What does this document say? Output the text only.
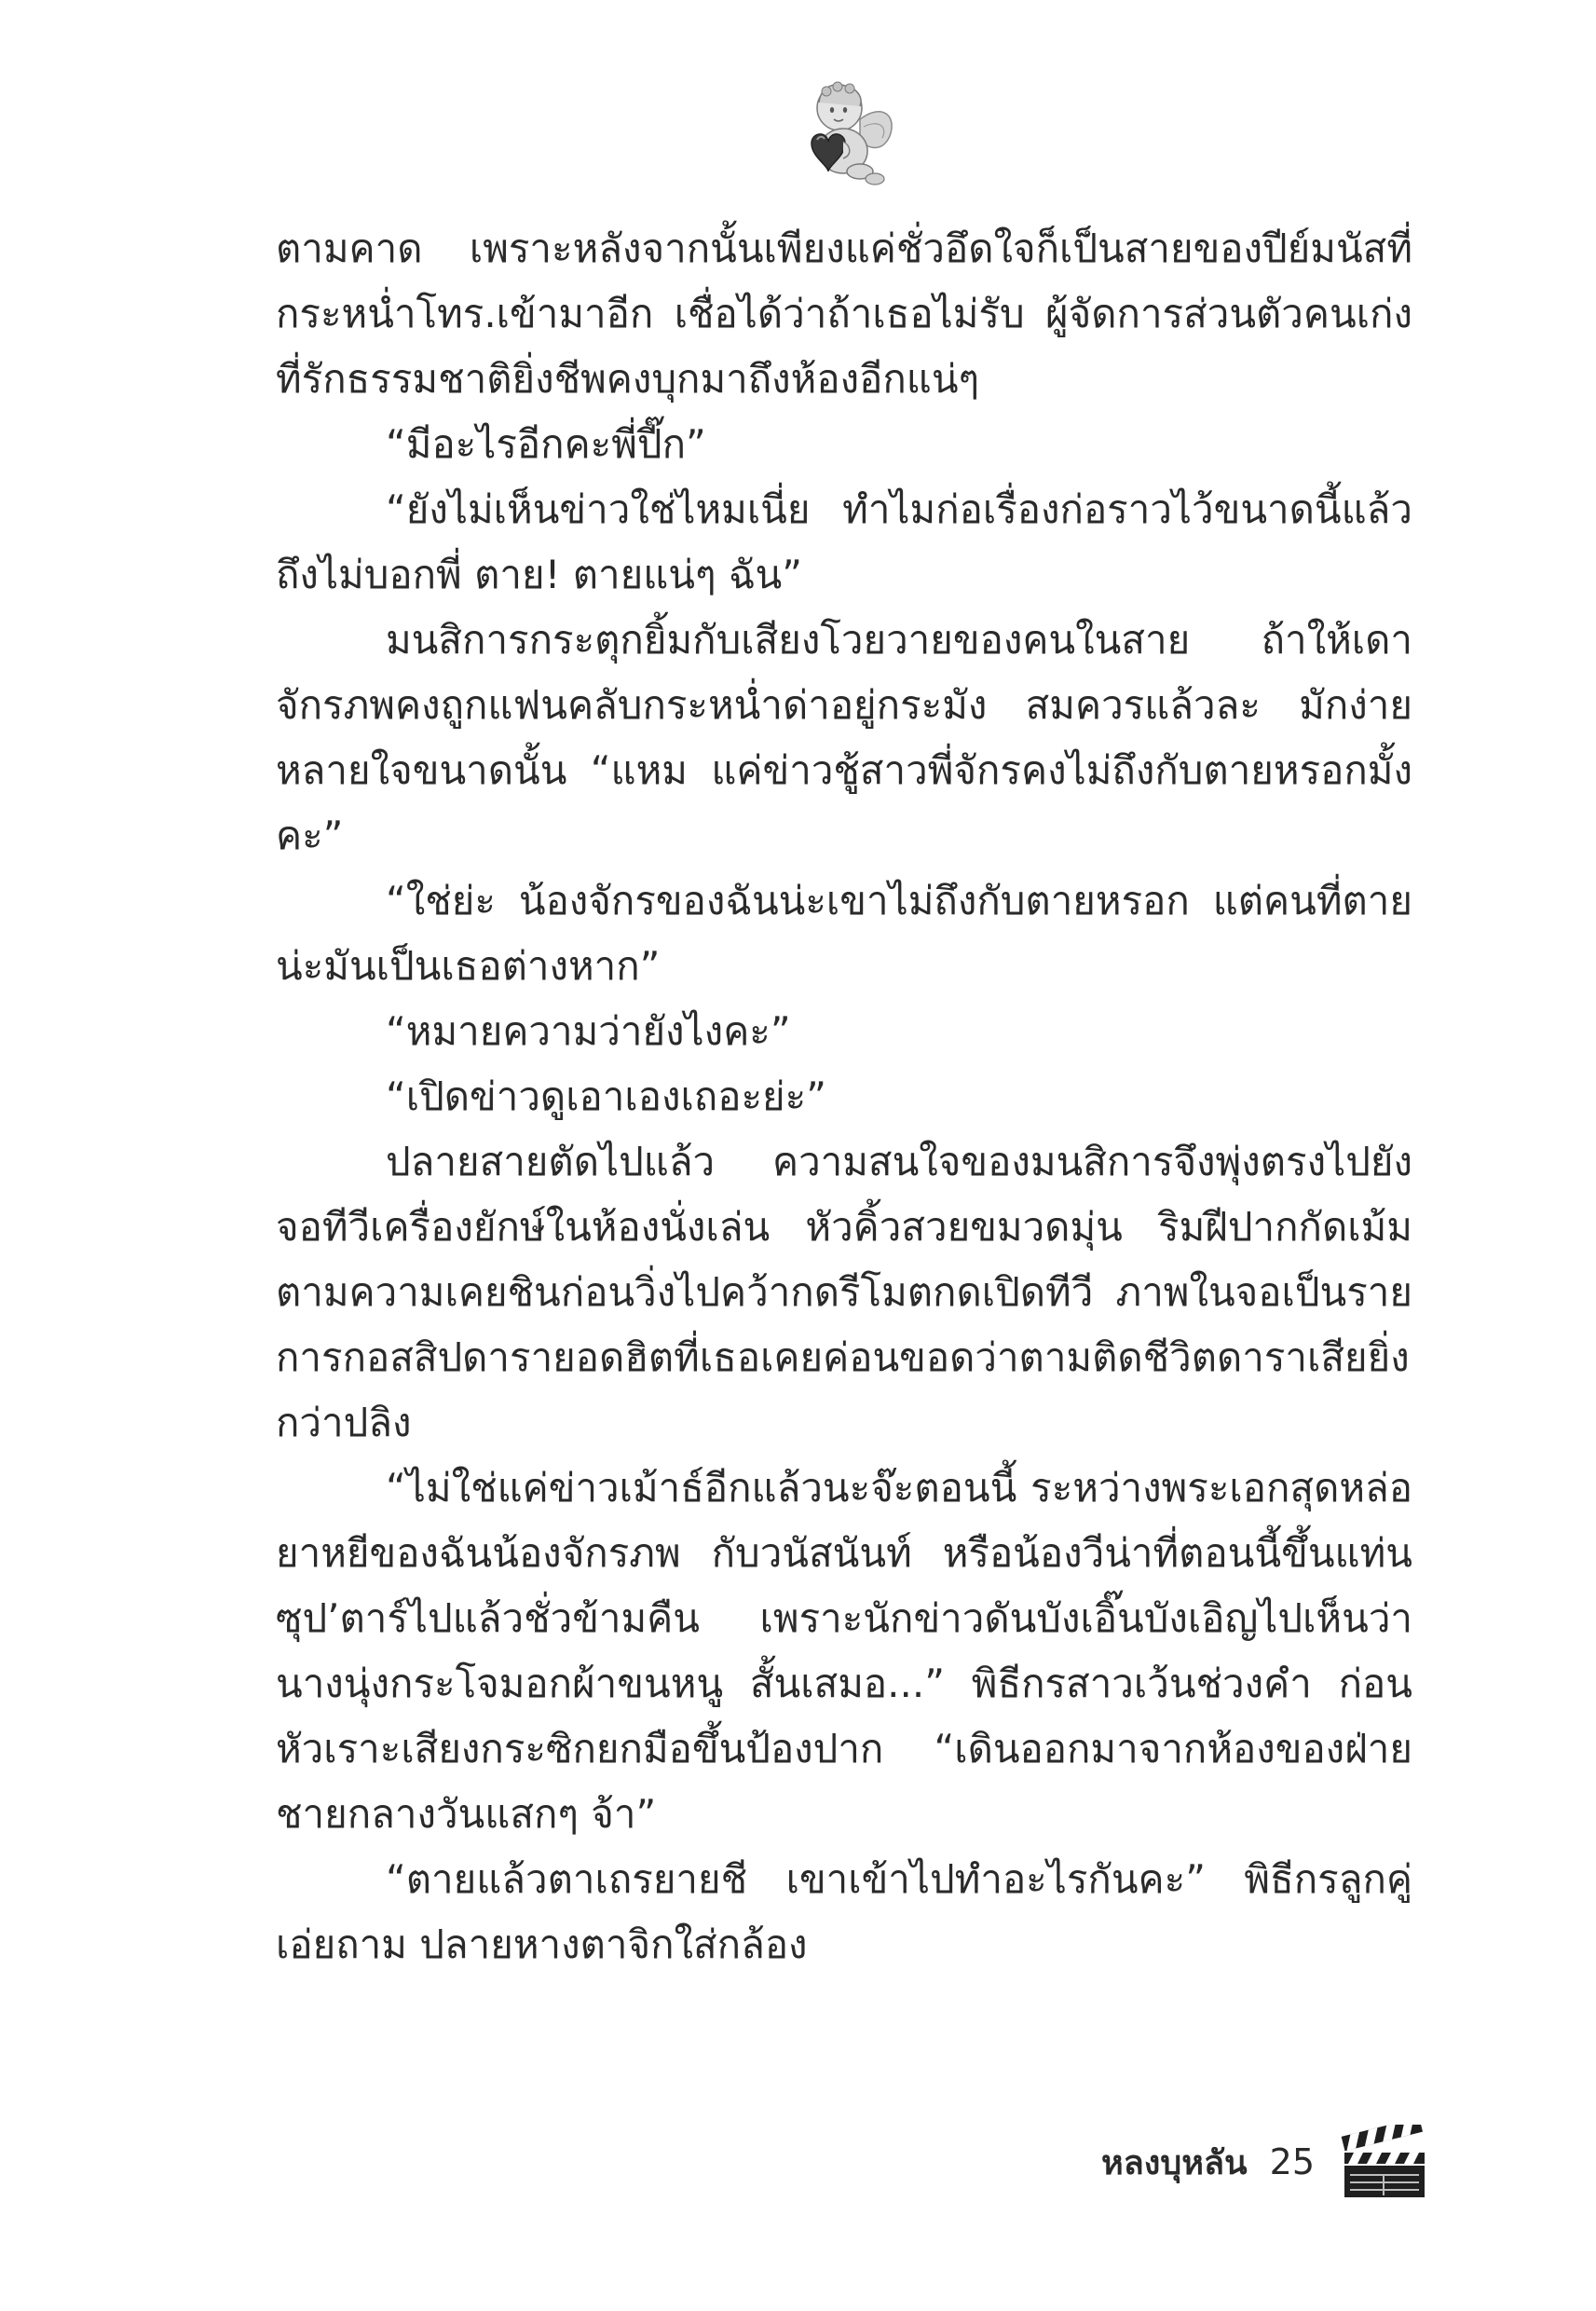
ตามคาด เพราะหลังจากนั้นเพียงแค่ชั่วอึดใจก็เป็นสายของปีย์มนัสที่กระหน่ำโทร.เข้ามาอีก เชื่อได้ว่าถ้าเธอไม่รับ ผู้จัดการส่วนตัวคนเก่งที่รักธรรมชาติยิ่งชีพคงบุกมาถึงห้องอีกแน่ๆ

“มีอะไรอีกคะพี่ปี๊ก”

“ยังไม่เห็นข่าวใช่ไหมเนี่ย ทำไมก่อเรื่องก่อราวไว้ขนาดนี้แล้วถึงไม่บอกพี่ ตาย! ตายแน่ๆ ฉัน”

มนสิการกระตุกยิ้มกับเสียงโวยวายของคนในสาย ถ้าให้เดาจักรภพคงถูกแฟนคลับกระหน่ำด่าอยู่กระมัง สมควรแล้วละ มักง่ายหลายใจขนาดนั้น “แหม แค่ข่าวชู้สาวพี่จักรคงไม่ถึงกับตายหรอกมั้งคะ”

“ใช่ย่ะ น้องจักรของฉันน่ะเขาไม่ถึงกับตายหรอก แต่คนที่ตายน่ะมันเป็นเธอต่างหาก”

“หมายความว่ายังไงคะ”

“เปิดข่าวดูเอาเองเถอะย่ะ”

ปลายสายตัดไปแล้ว ความสนใจของมนสิการจึงพุ่งตรงไปยังจอทีวีเครื่องยักษ์ในห้องนั่งเล่น หัวคิ้วสวยขมวดมุ่น ริมฝีปากกัดเม้มตามความเคยชินก่อนวิ่งไปคว้ากดรีโมตกดเปิดทีวี ภาพในจอเป็นรายการกอสสิปดารายอดฮิตที่เธอเคยค่อนขอดว่าตามติดชีวิตดาราเสียยิ่งกว่าปลิง

“ไม่ใช่แค่ข่าวเม้าธ์อีกแล้วนะจ๊ะตอนนี้ ระหว่างพระเอกสุดหล่อยาหยีของฉันน้องจักรภพ กับวนัสนันท์ หรือน้องวีน่าที่ตอนนี้ขึ้นแท่นซุป’ตาร์ไปแล้วชั่วข้ามคืน เพราะนักข่าวดันบังเอิ๊นบังเอิญไปเห็นว่านางนุ่งกระโจมอกผ้าขนหนู สั้นเสมอ...” พิธีกรสาวเว้นช่วงคำ ก่อนหัวเราะเสียงกระซิกยกมือขึ้นป้องปาก “เดินออกมาจากห้องของฝ่ายชายกลางวันแสกๆ จ้า”

“ตายแล้วตาเถรยายชี เขาเข้าไปทำอะไรกันคะ” พิธีกรลูกคู่เอ่ยถาม ปลายหางตาจิกใส่กล้อง

หลงบุหลัน 25
